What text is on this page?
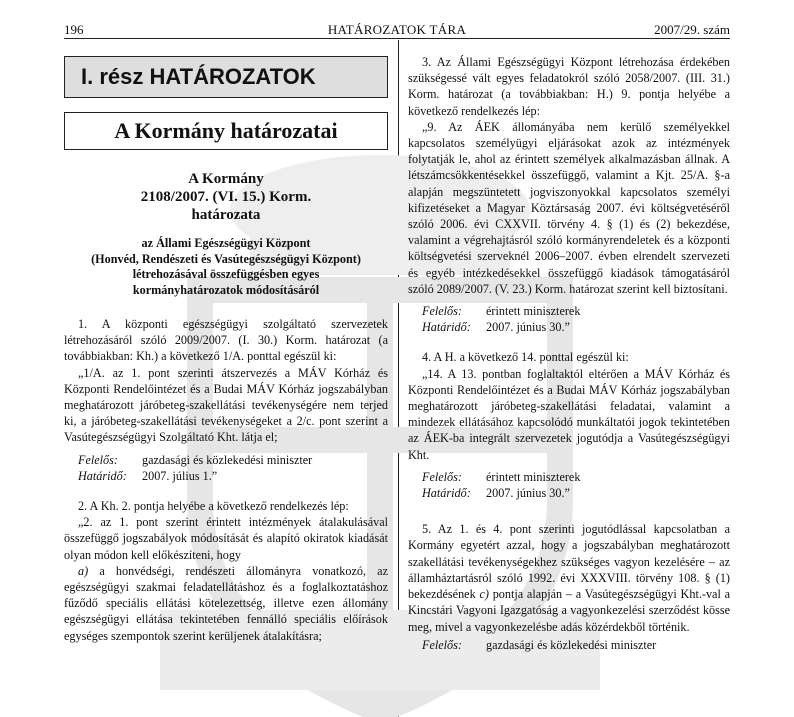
196	HATÁROZATOK TÁRA	2007/29. szám
I. rész HATÁROZATOK
A Kormány határozatai
A Kormány
2108/2007. (VI. 15.) Korm.
határozata
az Állami Egészségügyi Központ
(Honvéd, Rendészeti és Vasútegészségügyi Központ)
létrehozásával összefüggésben egyes
kormányhatározatok módosításáról

1. A központi egészségügyi szolgáltató szervezetek létrehozásáról szóló 2009/2007. (I. 30.) Korm. határozat (a továbbiakban: Kh.) a következő 1/A. ponttal egészül ki:

„1/A. az 1. pont szerinti átszervezés a MÁV Kórház és Központi Rendelőintézet és a Budai MÁV Kórház jogszabályban meghatározott járóbeteg-szakellátási tevékenységére nem terjed ki, a járóbeteg-szakellátási tevékenységeket a 2/c. pont szerint a Vasútegészségügyi Szolgáltató Kht. látja el;

Felelős: gazdasági és közlekedési miniszter
Határidő: 2007. július 1.”

2. A Kh. 2. pontja helyébe a következő rendelkezés lép:

„2. az 1. pont szerint érintett intézmények átalakulásával összefüggő jogszabályok módosítását és alapító okiratok kiadását olyan módon kell előkészíteni, hogy

a) a honvédségi, rendészeti állományra vonatkozó, az egészségügyi szakmai feladatellátáshoz és a foglalkoztatáshoz fűződő speciális ellátási kötelezettség, illetve ezen állomány egészségügyi ellátása tekintetében fennálló speciális előírások egységes szempontok szerint kerüljenek átalakításra;

3. Az Állami Egészségügyi Központ létrehozása érdekében szükségessé vált egyes feladatokról szóló 2058/2007. (III. 31.) Korm. határozat (a továbbiakban: H.) 9. pontja helyébe a következő rendelkezés lép:

„9. Az ÁEK állományába nem kerülő személyekkel kapcsolatos személyügyi eljárásokat azok az intézmények folytatják le, ahol az érintett személyek alkalmazásban állnak. A létszámcsökkentésekkel összefüggő, valamint a Kjt. 25/A. §-a alapján megszüntetett jogviszonyokkal kapcsolatos személyi kifizetéseket a Magyar Köztársaság 2007. évi költségvetéséről szóló 2006. évi CXXVII. törvény 4. § (1) és (2) bekezdése, valamint a végrehajtásról szóló kormányrendeletek és a központi költségvetési szerveknél 2006–2007. évben elrendelt szervezeti és egyéb intézkedésekkel összefüggő kiadások támogatásáról szóló 2089/2007. (V. 23.) Korm. határozat szerint kell biztosítani.

Felelős: érintett miniszterek
Határidő: 2007. június 30.”

4. A H. a következő 14. ponttal egészül ki:

„14. A 13. pontban foglaltaktól eltérően a MÁV Kórház és Központi Rendelőintézet és a Budai MÁV Kórház jogszabályban meghatározott járóbeteg-szakellátási feladatai, valamint a mindezek ellátásához kapcsolódó munkáltatói jogok tekintetében az ÁEK-ba integrált szervezetek jogutódja a Vasútegészségügyi Kht.

Felelős: érintett miniszterek
Határidő: 2007. június 30.”

5. Az 1. és 4. pont szerinti jogutódlással kapcsolatban a Kormány egyetért azzal, hogy a jogszabályban meghatározott szakellátási tevékenységekhez szükséges vagyon kezelésére – az államháztartásról szóló 1992. évi XXXVIII. törvény 108. § (1) bekezdésének c) pontja alapján – a Vasútegészségügyi Kht.-val a Kincstári Vagyoni Igazgatóság a vagyonkezelési szerződést kösse meg, mivel a vagyonkezelésbe adás közérdekből történik.

Felelős: gazdasági és közlekedési miniszter
